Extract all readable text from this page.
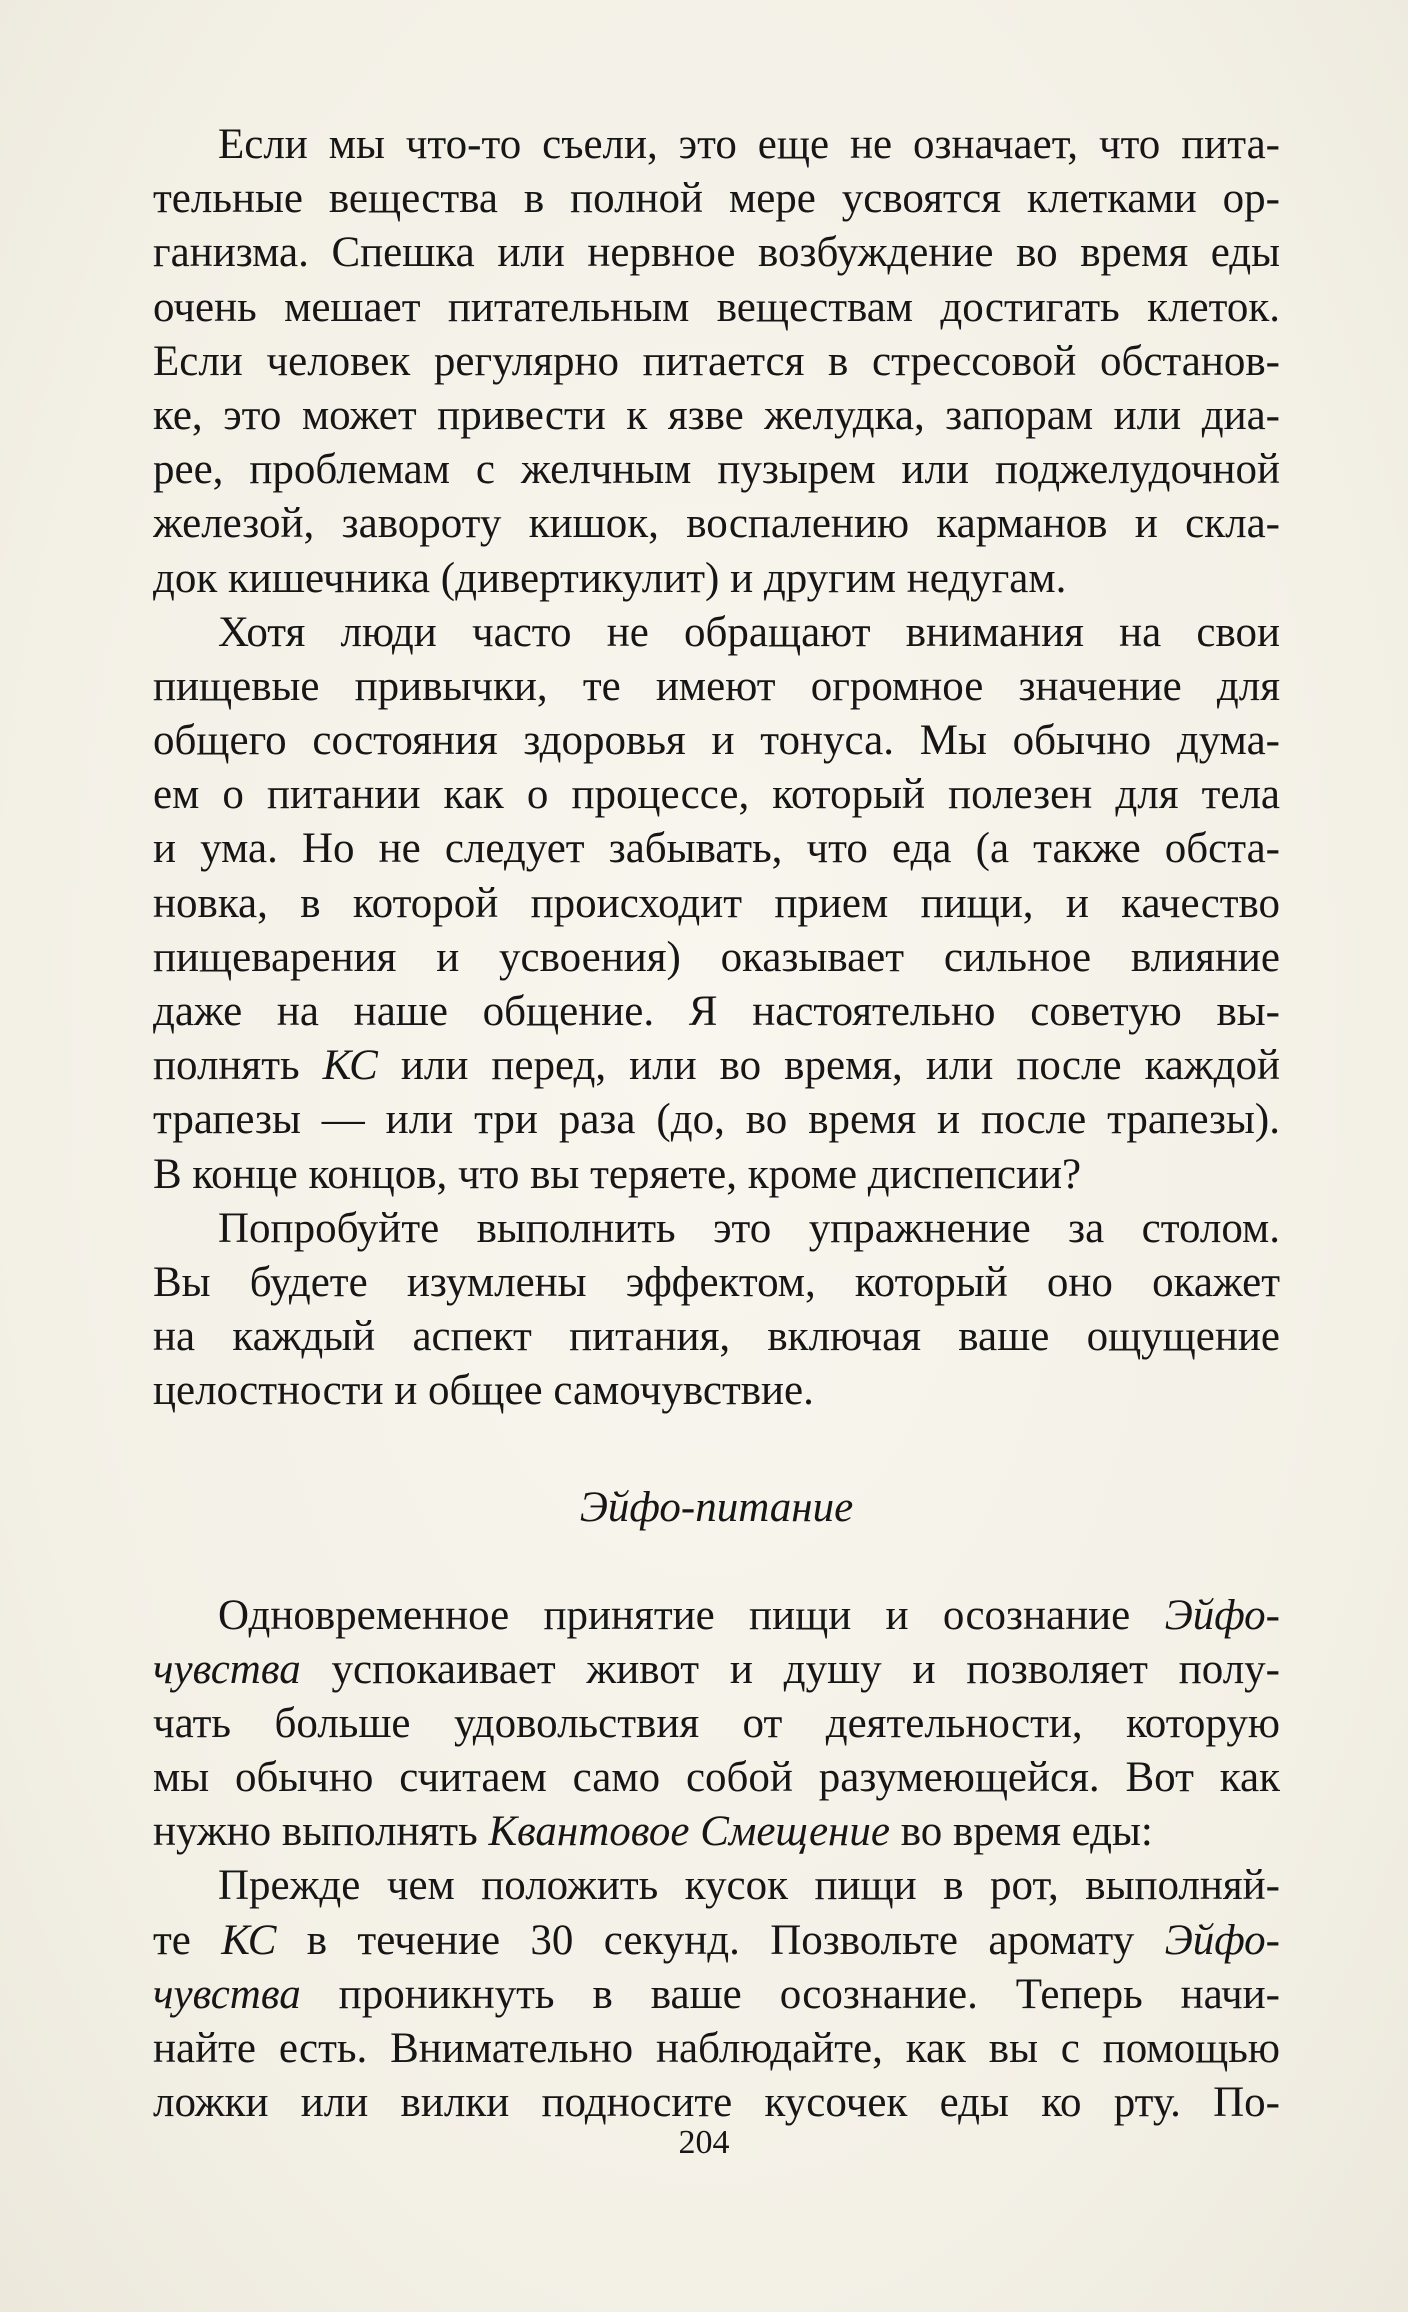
Если мы что-то съели, это еще не означает, что пита-
тельные вещества в полной мере усвоятся клетками ор-
ганизма. Спешка или нервное возбуждение во время еды
очень мешает питательным веществам достигать клеток.
Если человек регулярно питается в стрессовой обстанов-
ке, это может привести к язве желудка, запорам или диа-
рее, проблемам с желчным пузырем или поджелудочной
железой, завороту кишок, воспалению карманов и скла-
док кишечника (дивертикулит) и другим недугам.
Хотя люди часто не обращают внимания на свои
пищевые привычки, те имеют огромное значение для
общего состояния здоровья и тонуса. Мы обычно дума-
ем о питании как о процессе, который полезен для тела
и ума. Но не следует забывать, что еда (а также обста-
новка, в которой происходит прием пищи, и качество
пищеварения и усвоения) оказывает сильное влияние
даже на наше общение. Я настоятельно советую вы-
полнять КС или перед, или во время, или после каждой
трапезы — или три раза (до, во время и после трапезы).
В конце концов, что вы теряете, кроме диспепсии?
Попробуйте выполнить это упражнение за столом.
Вы будете изумлены эффектом, который оно окажет
на каждый аспект питания, включая ваше ощущение
целостности и общее самочувствие.
Эйфо-питание
Одновременное принятие пищи и осознание Эйфо-
чувства успокаивает живот и душу и позволяет полу-
чать больше удовольствия от деятельности, которую
мы обычно считаем само собой разумеющейся. Вот как
нужно выполнять Квантовое Смещение во время еды:
Прежде чем положить кусок пищи в рот, выполняй-
те КС в течение 30 секунд. Позвольте аромату Эйфо-
чувства проникнуть в ваше осознание. Теперь начи-
найте есть. Внимательно наблюдайте, как вы с помощью
ложки или вилки подносите кусочек еды ко рту. По-
204
